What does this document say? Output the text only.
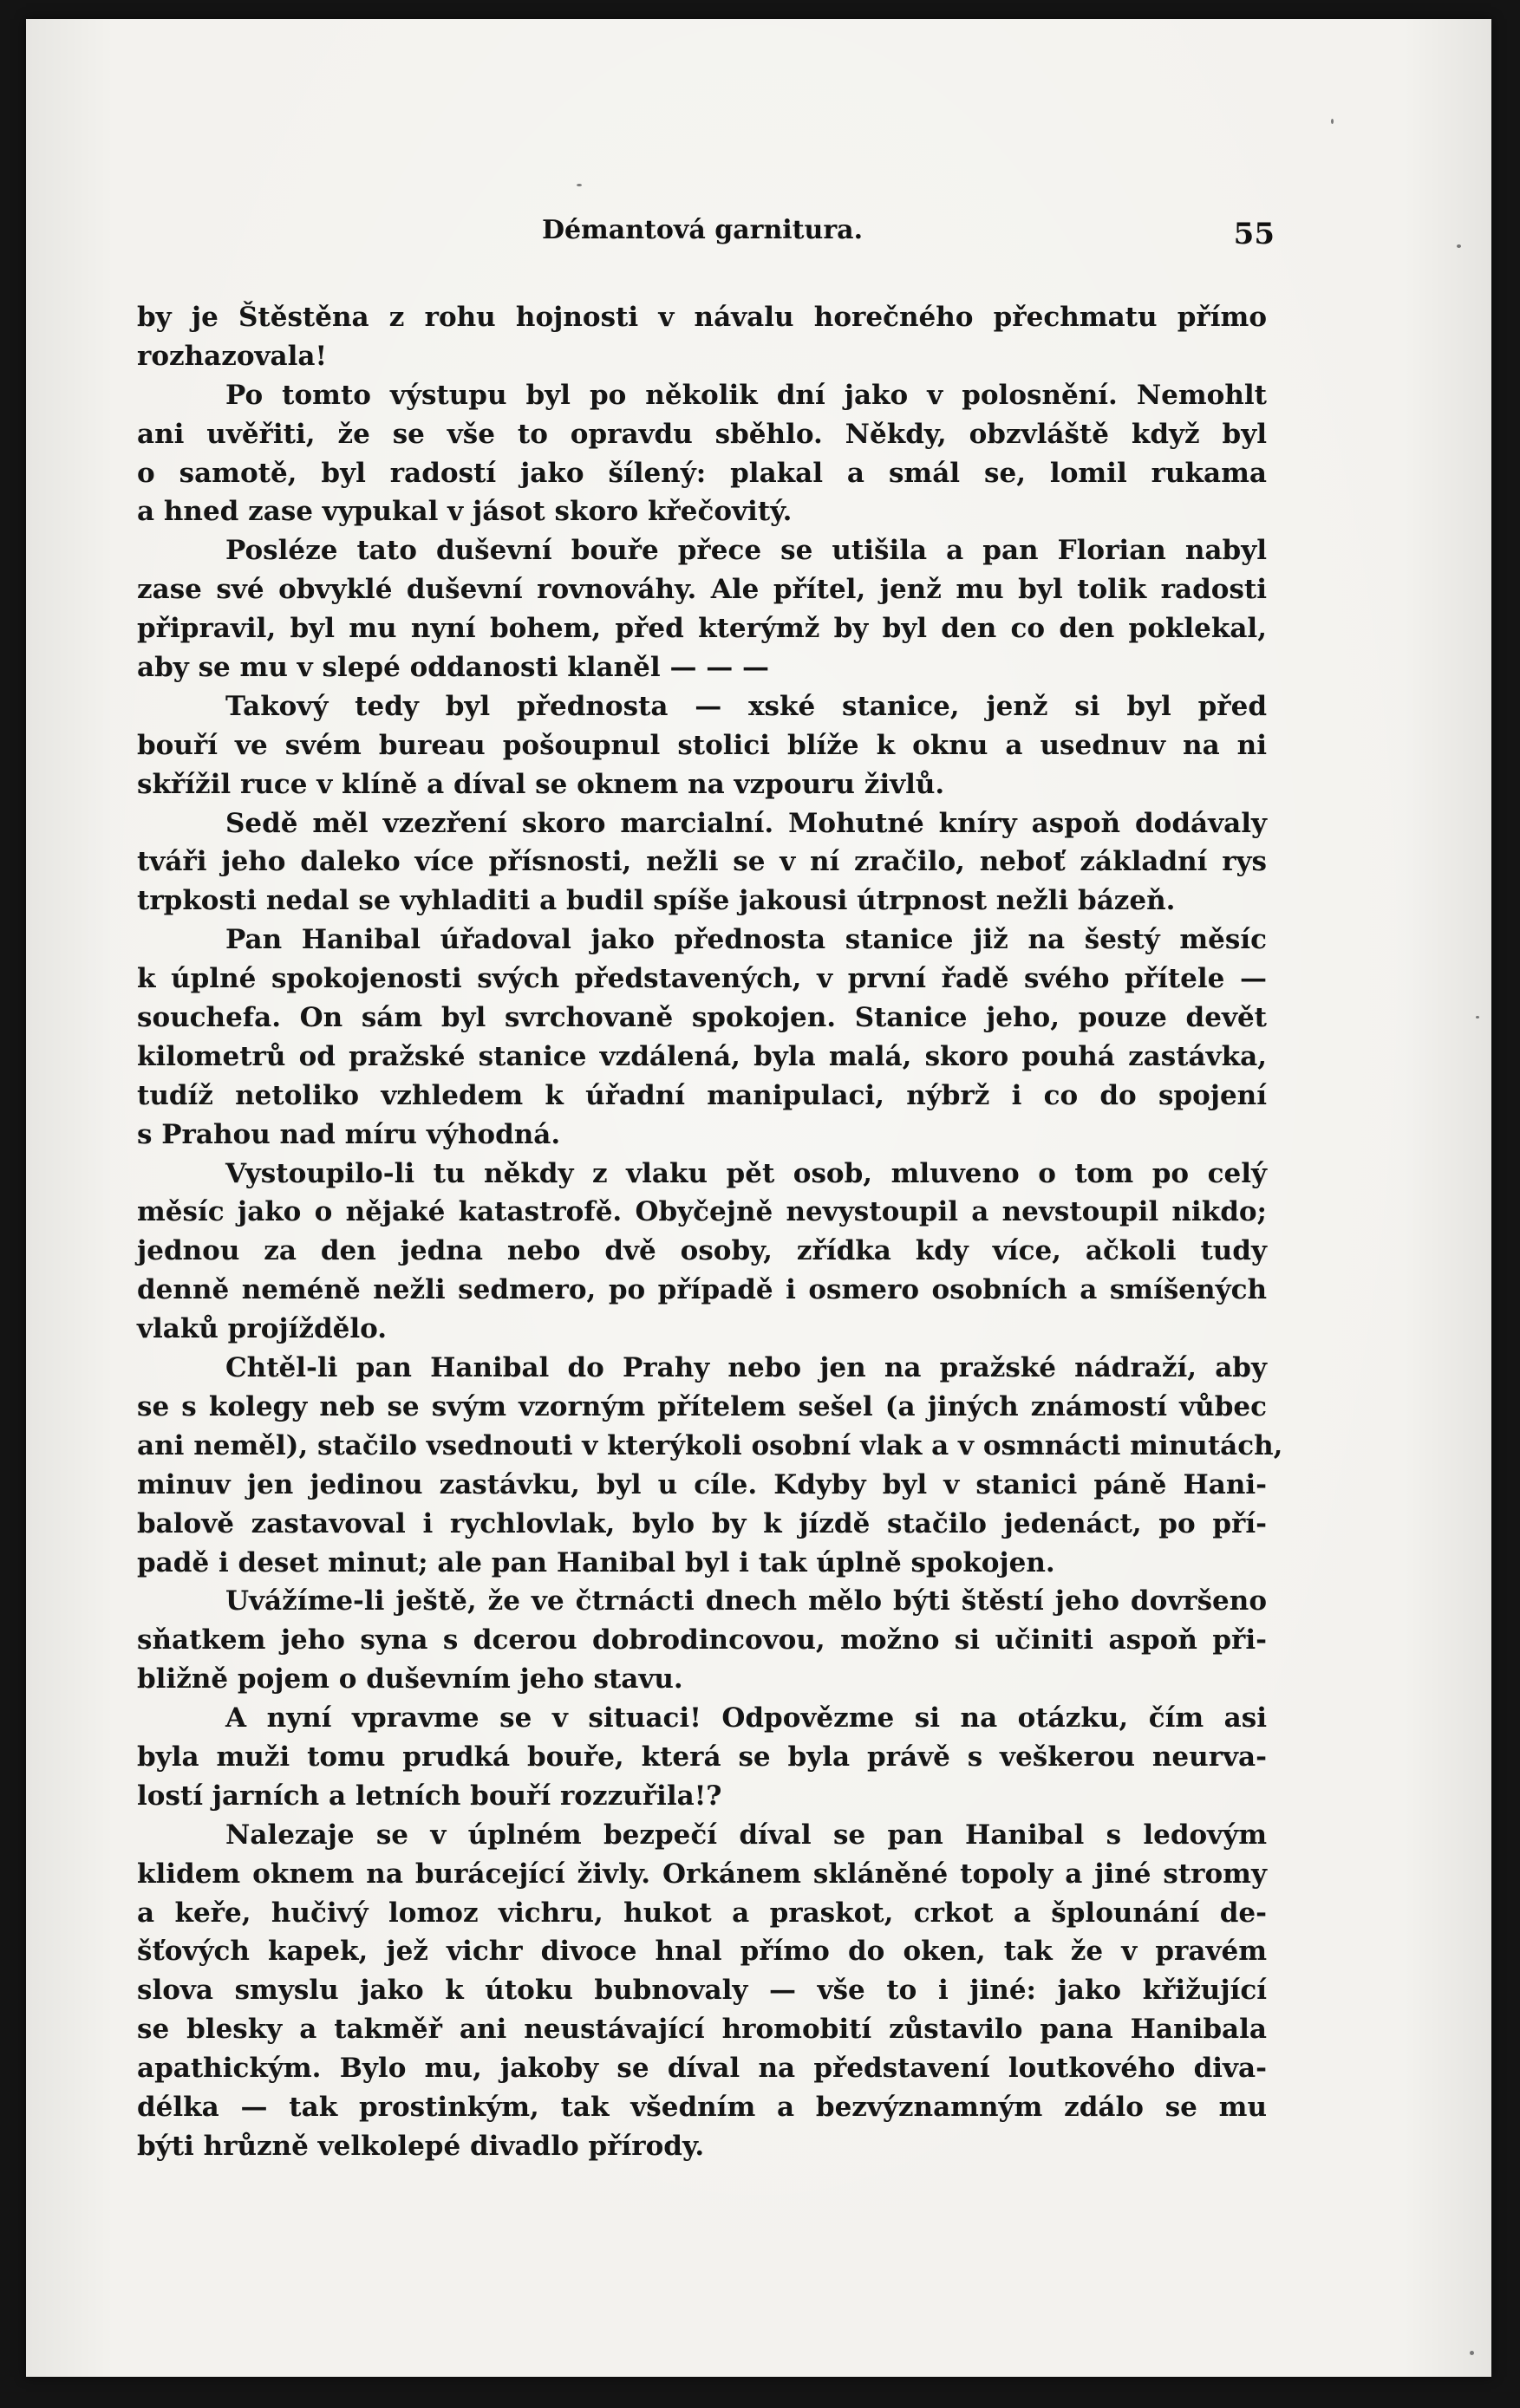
Démantová garnitura.	55
by je Štěstěna z rohu hojnosti v návalu horečného přechmatu přímo
rozhazovala!
Po tomto výstupu byl po několik dní jako v polosnění. Nemohlt
ani uvěřiti, že se vše to opravdu sběhlo. Někdy, obzvláště když byl
o samotě, byl radostí jako šílený: plakal a smál se, lomil rukama
a hned zase vypukal v jásot skoro křečovitý.
Posléze tato duševní bouře přece se utišila a pan Florian nabyl
zase své obvyklé duševní rovnováhy. Ale přítel, jenž mu byl tolik radosti
připravil, byl mu nyní bohem, před kterýmž by byl den co den poklekal,
aby se mu v slepé oddanosti klaněl — — —
Takový tedy byl přednosta — xské stanice, jenž si byl před
bouří ve svém bureau pošoupnul stolici blíže k oknu a usednuv na ni
skřížil ruce v klíně a díval se oknem na vzpouru živlů.
Sedě měl vzezření skoro marcialní. Mohutné kníry aspoň dodávaly
tváři jeho daleko více přísnosti, nežli se v ní zračilo, neboť základní rys
trpkosti nedal se vyhladiti a budil spíše jakousi útrpnost nežli bázeň.
Pan Hanibal úřadoval jako přednosta stanice již na šestý měsíc
k úplné spokojenosti svých představených, v první řadě svého přítele —
souchefa. On sám byl svrchovaně spokojen. Stanice jeho, pouze devět
kilometrů od pražské stanice vzdálená, byla malá, skoro pouhá zastávka,
tudíž netoliko vzhledem k úřadní manipulaci, nýbrž i co do spojení
s Prahou nad míru výhodná.
Vystoupilo-li tu někdy z vlaku pět osob, mluveno o tom po celý
měsíc jako o nějaké katastrofě. Obyčejně nevystoupil a nevstoupil nikdo;
jednou za den jedna nebo dvě osoby, zřídka kdy více, ačkoli tudy
denně neméně nežli sedmero, po případě i osmero osobních a smíšených
vlaků projíždělo.
Chtěl-li pan Hanibal do Prahy nebo jen na pražské nádraží, aby
se s kolegy neb se svým vzorným přítelem sešel (a jiných známostí vůbec
ani neměl), stačilo vsednouti v kterýkoli osobní vlak a v osmnácti minutách,
minuv jen jedinou zastávku, byl u cíle. Kdyby byl v stanici páně Hani-
balově zastavoval i rychlovlak, bylo by k jízdě stačilo jedenáct, po pří-
padě i deset minut; ale pan Hanibal byl i tak úplně spokojen.
Uvážíme-li ještě, že ve čtrnácti dnech mělo býti štěstí jeho dovršeno
sňatkem jeho syna s dcerou dobrodincovou, možno si učiniti aspoň při-
bližně pojem o duševním jeho stavu.
A nyní vpravme se v situaci! Odpovězme si na otázku, čím asi
byla muži tomu prudká bouře, která se byla právě s veškerou neurva-
lostí jarních a letních bouří rozzuřila!?
Nalezaje se v úplném bezpečí díval se pan Hanibal s ledovým
klidem oknem na burácející živly. Orkánem skláněné topoly a jiné stromy
a keře, hučivý lomoz vichru, hukot a praskot, crkot a šplounání de-
šťových kapek, jež vichr divoce hnal přímo do oken, tak že v pravém
slova smyslu jako k útoku bubnovaly — vše to i jiné: jako křižující
se blesky a takměř ani neustávající hromobití zůstavilo pana Hanibala
apathickým. Bylo mu, jakoby se díval na představení loutkového diva-
délka — tak prostinkým, tak všedním a bezvýznamným zdálo se mu
býti hrůzně velkolepé divadlo přírody.
